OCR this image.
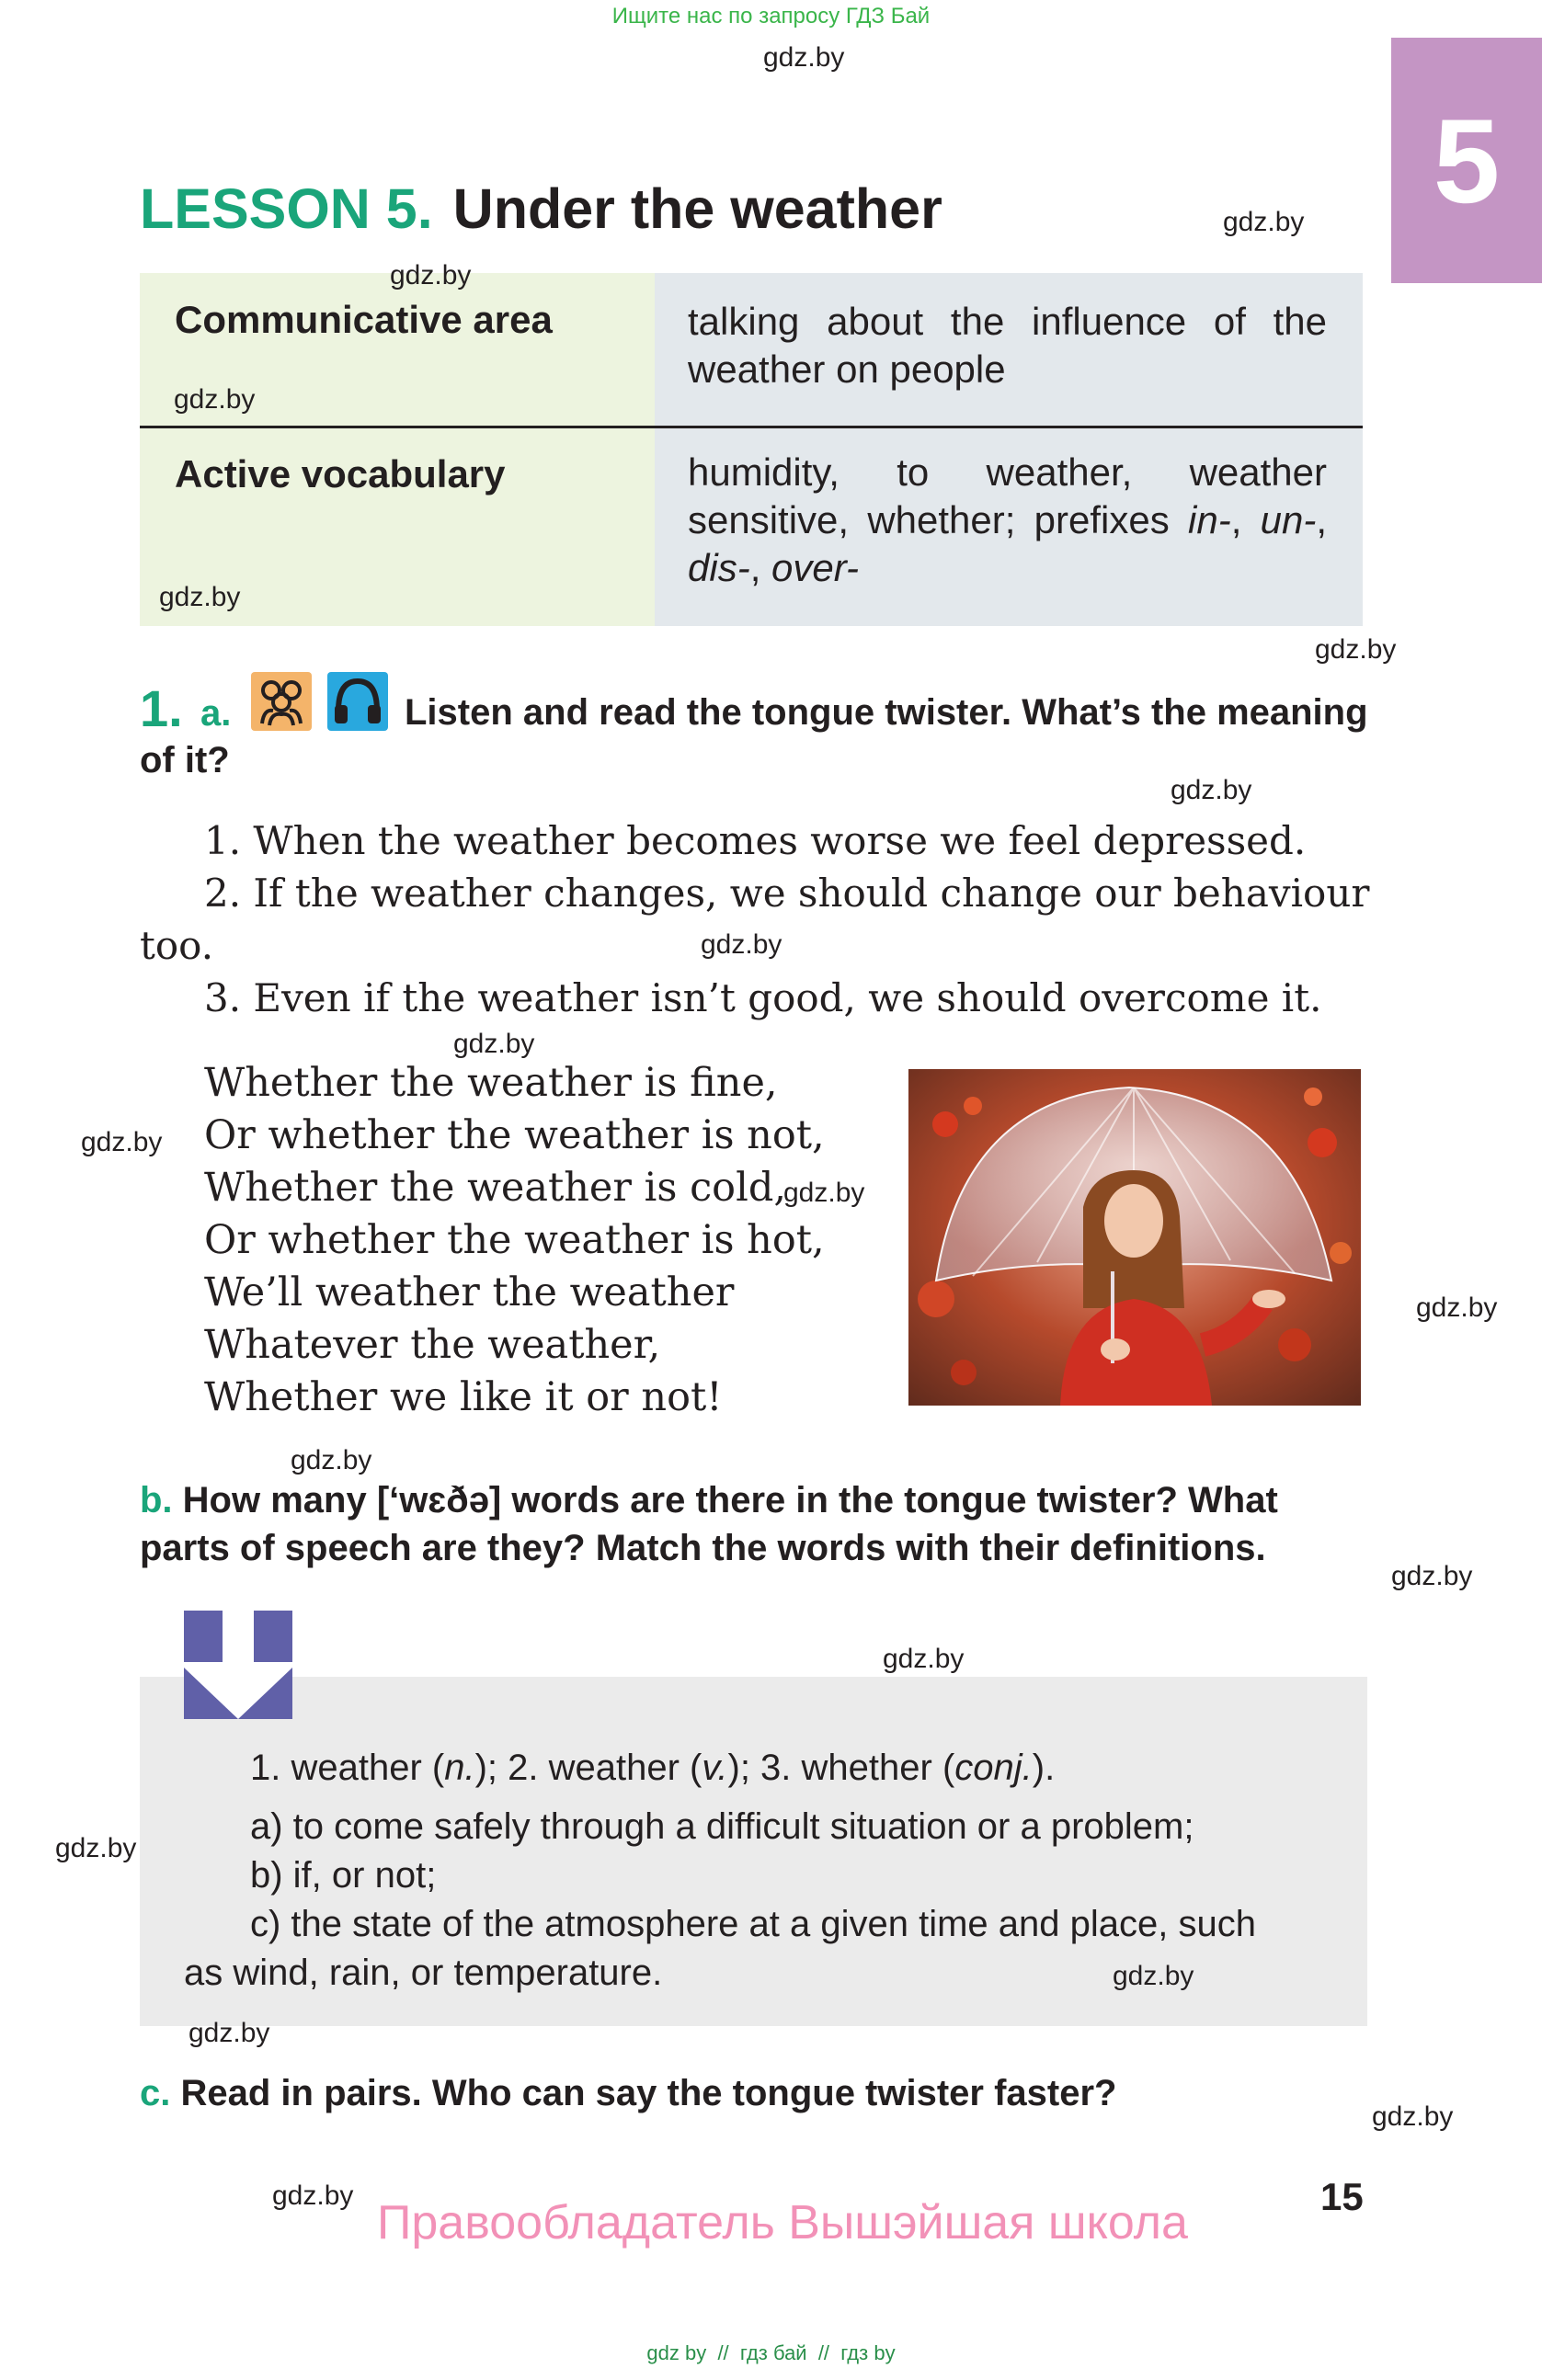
Ищите нас по запросу ГДЗ Бай
gdz.by
5
LESSON 5. Under the weather	gdz.by
Communicative area	talking about the influence of the weather on people
Active vocabulary	humidity, to weather, weather sensitive, whether; prefixes in-, un-, dis-, over-
gdz.by
gdz.by
gdz.by
gdz.by
1. a.	Listen and read the tongue twister. What’s the meaning
of it?
gdz.by
1. When the weather becomes worse we feel depressed.
2. If the weather changes, we should change our behaviour
too.	gdz.by
3. Even if the weather isn’t good, we should overcome it.
gdz.by
Whether the weather is fine,
Or whether the weather is not,
Whether the weather is cold,
Or whether the weather is hot,
We’ll weather the weather
Whatever the weather,
Whether we like it or not!
gdz.by
gdz.by
gdz.by
gdz.by
b. How many [‘wɛðə] words are there in the tongue twister? What
parts of speech are they? Match the words with their definitions.
gdz.by
gdz.by
1. weather (n.); 2. weather (v.); 3. whether (conj.).
a) to come safely through a difficult situation or a problem;
b) if, or not;
c) the state of the atmosphere at a given time and place, such
as wind, rain, or temperature.
gdz.by
gdz.by
gdz.by
c. Read in pairs. Who can say the tongue twister faster?
gdz.by
gdz.by	15
Правообладатель Вышэйшая школа
gdz by  //  гдз бай  //  гдз by
